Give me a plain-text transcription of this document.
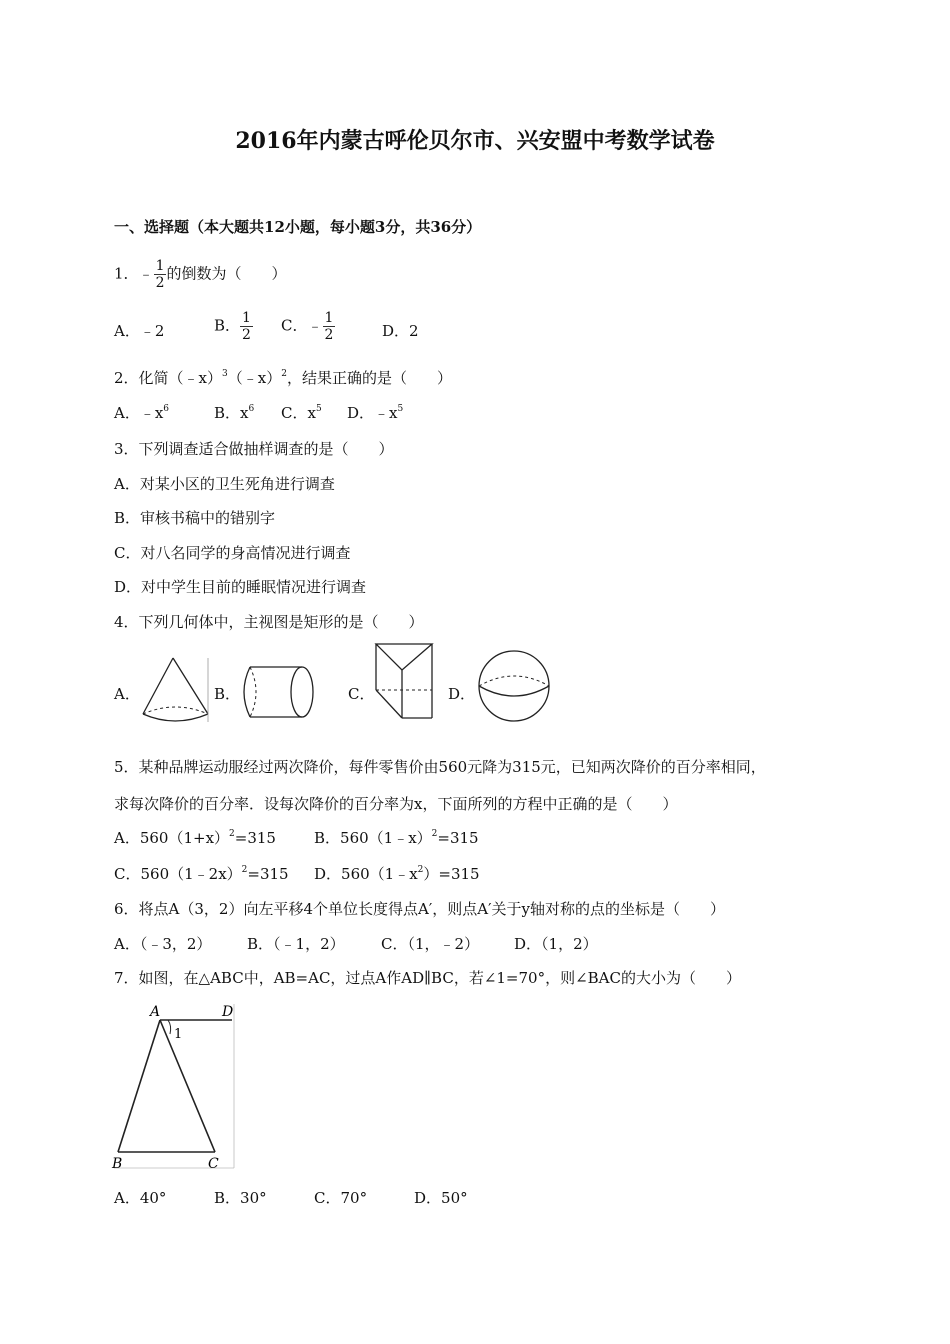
2016年内蒙古呼伦贝尔市、兴安盟中考数学试卷
一、选择题（本大题共12小题，每小题3分，共36分）
1．﹣ $\frac{1}{2}$ 的倒数为（　　）
A．﹣2	B． $\frac{1}{2}$ C．﹣ $\frac{1}{2}$	D．2
2．化简（﹣x）$^3$（﹣x）$^2$，结果正确的是（　　）
A．$﹣x^6$	B．$x^6$ C．$x^5$ D．$﹣x^5$
3．下列调查适合做抽样调查的是（　　）
A．对某小区的卫生死角进行调查
B．审核书稿中的错别字
C．对八名同学的身高情况进行调查
D．对中学生目前的睡眠情况进行调查
4．下列几何体中，主视图是矩形的是（　　）
A．	B．	C．	D．
5．某种品牌运动服经过两次降价，每件零售价由560元降为315元，已知两次降价的百分率相同，
求每次降价的百分率．设每次降价的百分率为x，下面所列的方程中正确的是（　　）
A．$560(1+x)^2=315$	B．560（1﹣x）$^2$=315
C．560（1﹣2x）$^2$=315 D．$560(1﹣x^2)=315$
6．将点A（3，2）向左平移4个单位长度得点A′，则点A′关于y轴对称的点的坐标是（　　）
A．（﹣3，2） B．（﹣1，2） C．（1，﹣2） D．（1，2）
7．如图，在△ABC中，AB=AC，过点A作AD∥BC，若∠1=70°，则∠BAC的大小为（　　）
A	D
1
B	C
A．40°	B．30°	C．70°	D．50°
